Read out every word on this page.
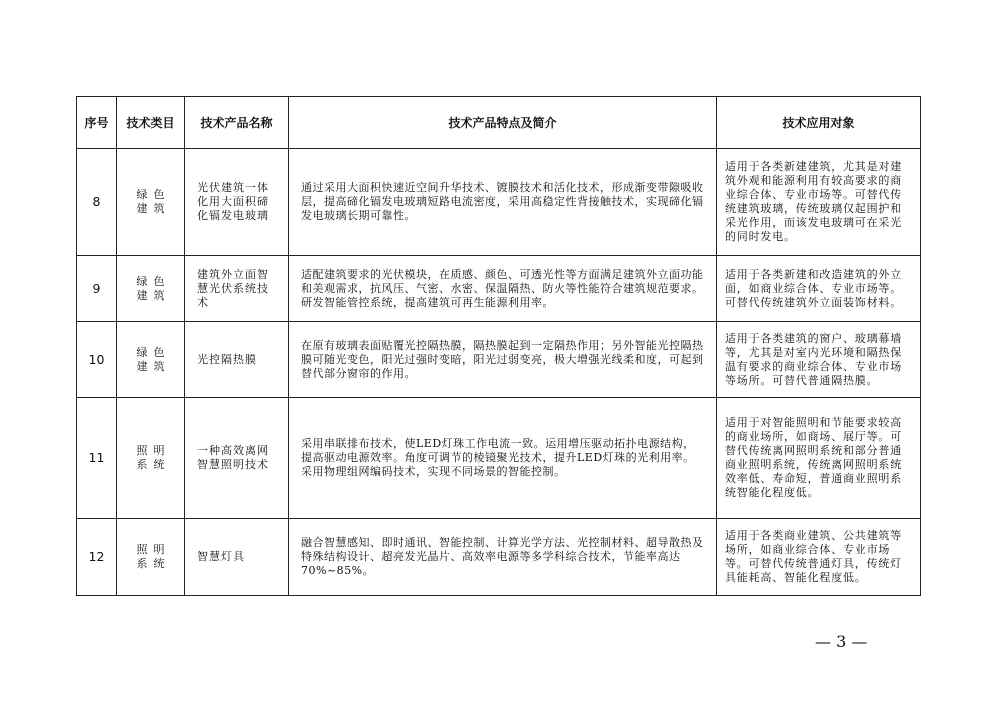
序号	技术类目	技术产品名称	技术产品特点及简介	技术应用对象
8	绿色建筑	光伏建筑一体化用大面积碲化镉发电玻璃	通过采用大面积快速近空间升华技术、镀膜技术和活化技术，形成渐变带隙吸收层，提高碲化镉发电玻璃短路电流密度，采用高稳定性背接触技术，实现碲化镉发电玻璃长期可靠性。	适用于各类新建建筑，尤其是对建筑外观和能源利用有较高要求的商业综合体、专业市场等。可替代传统建筑玻璃，传统玻璃仅起围护和采光作用，而该发电玻璃可在采光的同时发电。

9	绿色建筑	建筑外立面智慧光伏系统技术	适配建筑要求的光伏模块，在质感、颜色、可透光性等方面满足建筑外立面功能和美观需求，抗风压、气密、水密、保温隔热、防火等性能符合建筑规范要求。研发智能管控系统，提高建筑可再生能源利用率。	适用于各类新建和改造建筑的外立面，如商业综合体、专业市场等。可替代传统建筑外立面装饰材料。

10	绿色建筑	光控隔热膜	在原有玻璃表面贴覆光控隔热膜，隔热膜起到一定隔热作用；另外智能光控隔热膜可随光变色，阳光过强时变暗，阳光过弱变亮，极大增强光线柔和度，可起到替代部分窗帘的作用。	适用于各类建筑的窗户、玻璃幕墙等，尤其是对室内光环境和隔热保温有要求的商业综合体、专业市场等场所。可替代普通隔热膜。

11	照明系统	一种高效离网智慧照明技术	采用串联排布技术，使LED灯珠工作电流一致。运用增压驱动拓扑电源结构，提高驱动电源效率。角度可调节的棱镜聚光技术，提升LED灯珠的光利用率。采用物理组网编码技术，实现不同场景的智能控制。	适用于对智能照明和节能要求较高的商业场所，如商场、展厅等。可替代传统离网照明系统和部分普通商业照明系统，传统离网照明系统效率低、寿命短，普通商业照明系统智能化程度低。

12	照明系统	智慧灯具	融合智慧感知、即时通讯、智能控制、计算光学方法、光控制材料、超导散热及特殊结构设计、超亮发光晶片、高效率电源等多学科综合技术，节能率高达70%~85%。	适用于各类商业建筑、公共建筑等场所，如商业综合体、专业市场等。可替代传统普通灯具，传统灯具能耗高、智能化程度低。
— 3 —
